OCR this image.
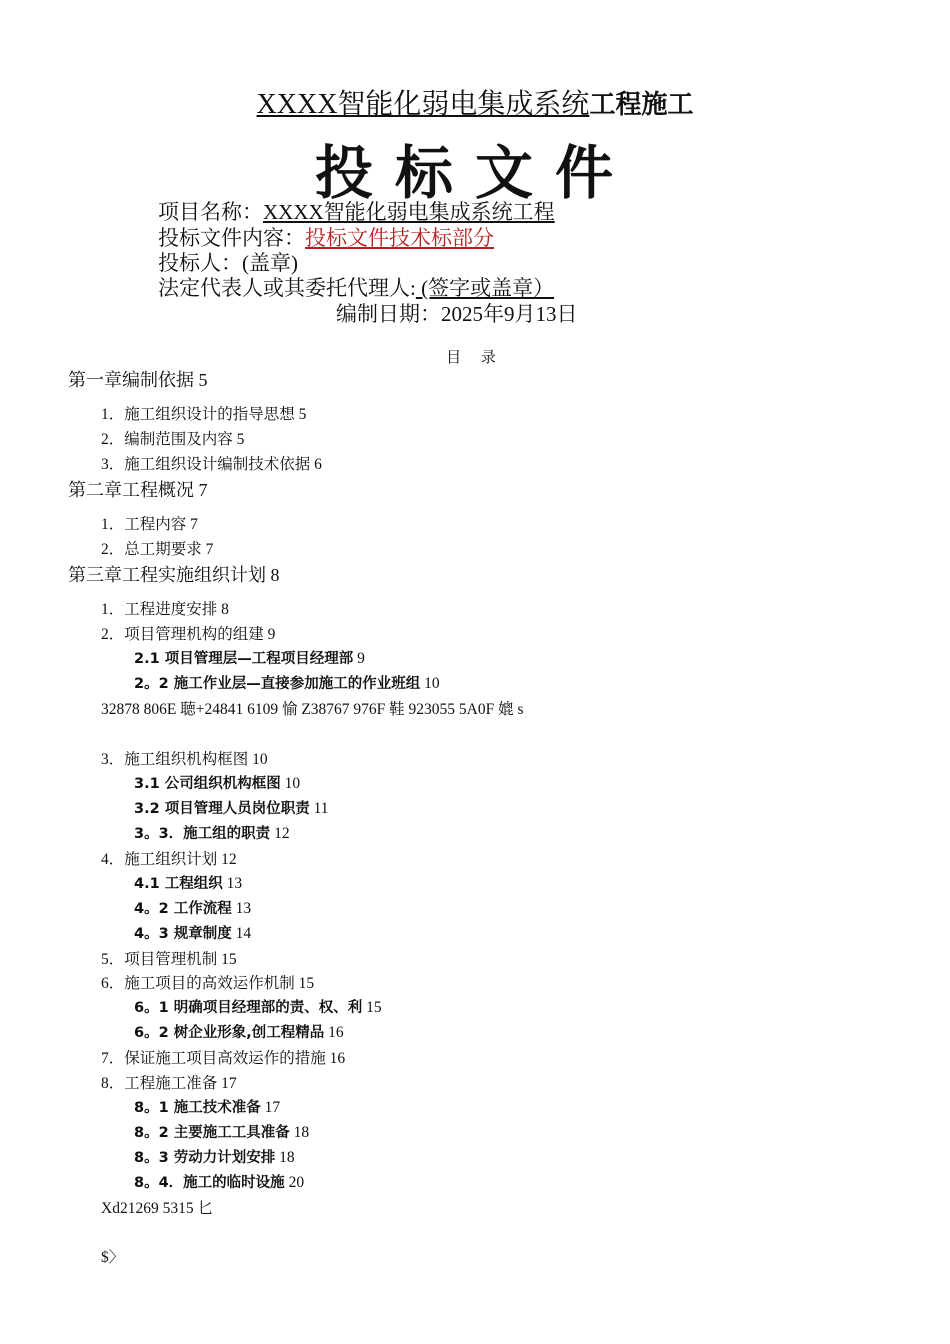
XXXX智能化弱电集成系统工程施工
投标文件
项目名称：XXXX智能化弱电集成系统工程
投标文件内容：投标文件技术标部分
投标人：(盖章)
法定代表人或其委托代理人: (签字或盖章）
编制日期：2025年9月13日
目 录
第一章编制依据 5
1．施工组织设计的指导思想 5
2．编制范围及内容 5
3．施工组织设计编制技术依据 6
第二章工程概况 7
1．工程内容 7
2．总工期要求 7
第三章工程实施组织计划 8
1．工程进度安排 8
2．项目管理机构的组建 9
2.1 项目管理层—工程项目经理部 9
2。2 施工作业层—直接参加施工的作业班组 10
32878 806E 聴+24841 6109 愉 Z38767 976F 鞋 923055 5A0F 媲 s
3．施工组织机构框图 10
3.1 公司组织机构框图 10
3.2 项目管理人员岗位职责 11
3。3．施工组的职责 12
4．施工组织计划 12
4.1 工程组织 13
4。2 工作流程 13
4。3 规章制度 14
5．项目管理机制 15
6．施工项目的高效运作机制 15
6。1 明确项目经理部的责、权、利 15
6。2 树企业形象,创工程精品 16
7．保证施工项目高效运作的措施 16
8．工程施工准备 17
8。1 施工技术准备 17
8。2 主要施工工具准备 18
8。3 劳动力计划安排 18
8。4．施工的临时设施 20
Xd21269 5315 匕
$〉
